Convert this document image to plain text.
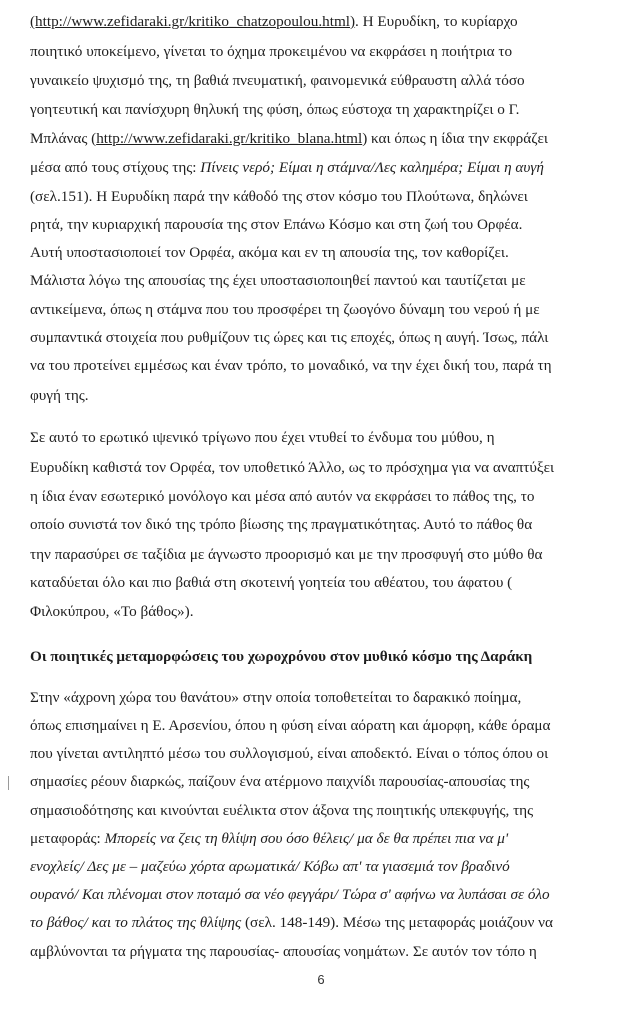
(http://www.zefidaraki.gr/kritiko_chatzopoulou.html). Η Ευρυδίκη, το κυρίαρχο
ποιητικό υποκείμενο, γίνεται το όχημα προκειμένου να εκφράσει η ποιήτρια το
γυναικείο ψυχισμό της, τη βαθιά πνευματική, φαινομενικά εύθραυστη αλλά τόσο
γοητευτική και πανίσχυρη θηλυκή της φύση, όπως εύστοχα τη χαρακτηρίζει ο Γ.
Μπλάνας (http://www.zefidaraki.gr/kritiko_blana.html) και όπως η ίδια την εκφράζει
μέσα από τους στίχους της: Πίνεις νερό; Είμαι η στάμνα/Λες καλημέρα; Είμαι η αυγή
(σελ.151). Η Ευρυδίκη παρά την κάθοδό της στον κόσμο του Πλούτωνα, δηλώνει
ρητά, την κυριαρχική παρουσία της στον Επάνω Κόσμο και στη ζωή του Ορφέα.
Αυτή υποστασιοποιεί τον Ορφέα, ακόμα και εν τη απουσία της, τον καθορίζει.
Μάλιστα λόγω της απουσίας της έχει υποστασιοποιηθεί παντού και ταυτίζεται με
αντικείμενα, όπως η στάμνα που του προσφέρει τη ζωογόνο δύναμη του νερού ή με
συμπαντικά στοιχεία που ρυθμίζουν τις ώρες και τις εποχές, όπως η αυγή. Ίσως, πάλι
να του προτείνει εμμέσως και έναν τρόπο, το μοναδικό, να την έχει δική του, παρά τη
φυγή της.
Σε αυτό το ερωτικό ιψενικό τρίγωνο που έχει ντυθεί το ένδυμα του μύθου, η
Ευρυδίκη καθιστά τον Ορφέα, τον υποθετικό Άλλο, ως το πρόσχημα για να αναπτύξει
η ίδια έναν εσωτερικό μονόλογο και μέσα από αυτόν να εκφράσει το πάθος της, το
οποίο συνιστά τον δικό της τρόπο βίωσης της πραγματικότητας. Αυτό το πάθος θα
την παρασύρει σε ταξίδια με άγνωστο προορισμό και με την προσφυγή στο μύθο θα
καταδύεται όλο και πιο βαθιά στη σκοτεινή γοητεία του αθέατου, του άφατου (
Φιλοκύπρου, «Το βάθος»).
Οι ποιητικές μεταμορφώσεις του χωροχρόνου στον μυθικό κόσμο της Δαράκη
Στην «άχρονη χώρα του θανάτου» στην οποία τοποθετείται το δαρακικό ποίημα,
όπως επισημαίνει η Ε. Αρσενίου, όπου η φύση είναι αόρατη και άμορφη, κάθε όραμα
που γίνεται αντιληπτό μέσω του συλλογισμού, είναι αποδεκτό. Είναι ο τόπος όπου οι
σημασίες ρέουν διαρκώς, παίζουν ένα ατέρμονο παιχνίδι παρουσίας-απουσίας της
σημασιοδότησης και κινούνται ευέλικτα στον άξονα της ποιητικής υπεκφυγής, της
μεταφοράς: Μπορείς να ζεις τη θλίψη σου όσο θέλεις/ μα δε θα πρέπει πια να μ'
ενοχλείς/ Δες με – μαζεύω χόρτα αρωματικά/ Κόβω απ' τα γιασεμιά τον βραδινό
ουρανό/ Και πλένομαι στον ποταμό σα νέο φεγγάρι/ Τώρα σ' αφήνω να λυπάσαι σε όλο
το βάθος/ και το πλάτος της θλίψης (σελ. 148-149). Μέσω της μεταφοράς μοιάζουν να
αμβλύνονται τα ρήγματα της παρουσίας- απουσίας νοημάτων. Σε αυτόν τον τόπο η
6
